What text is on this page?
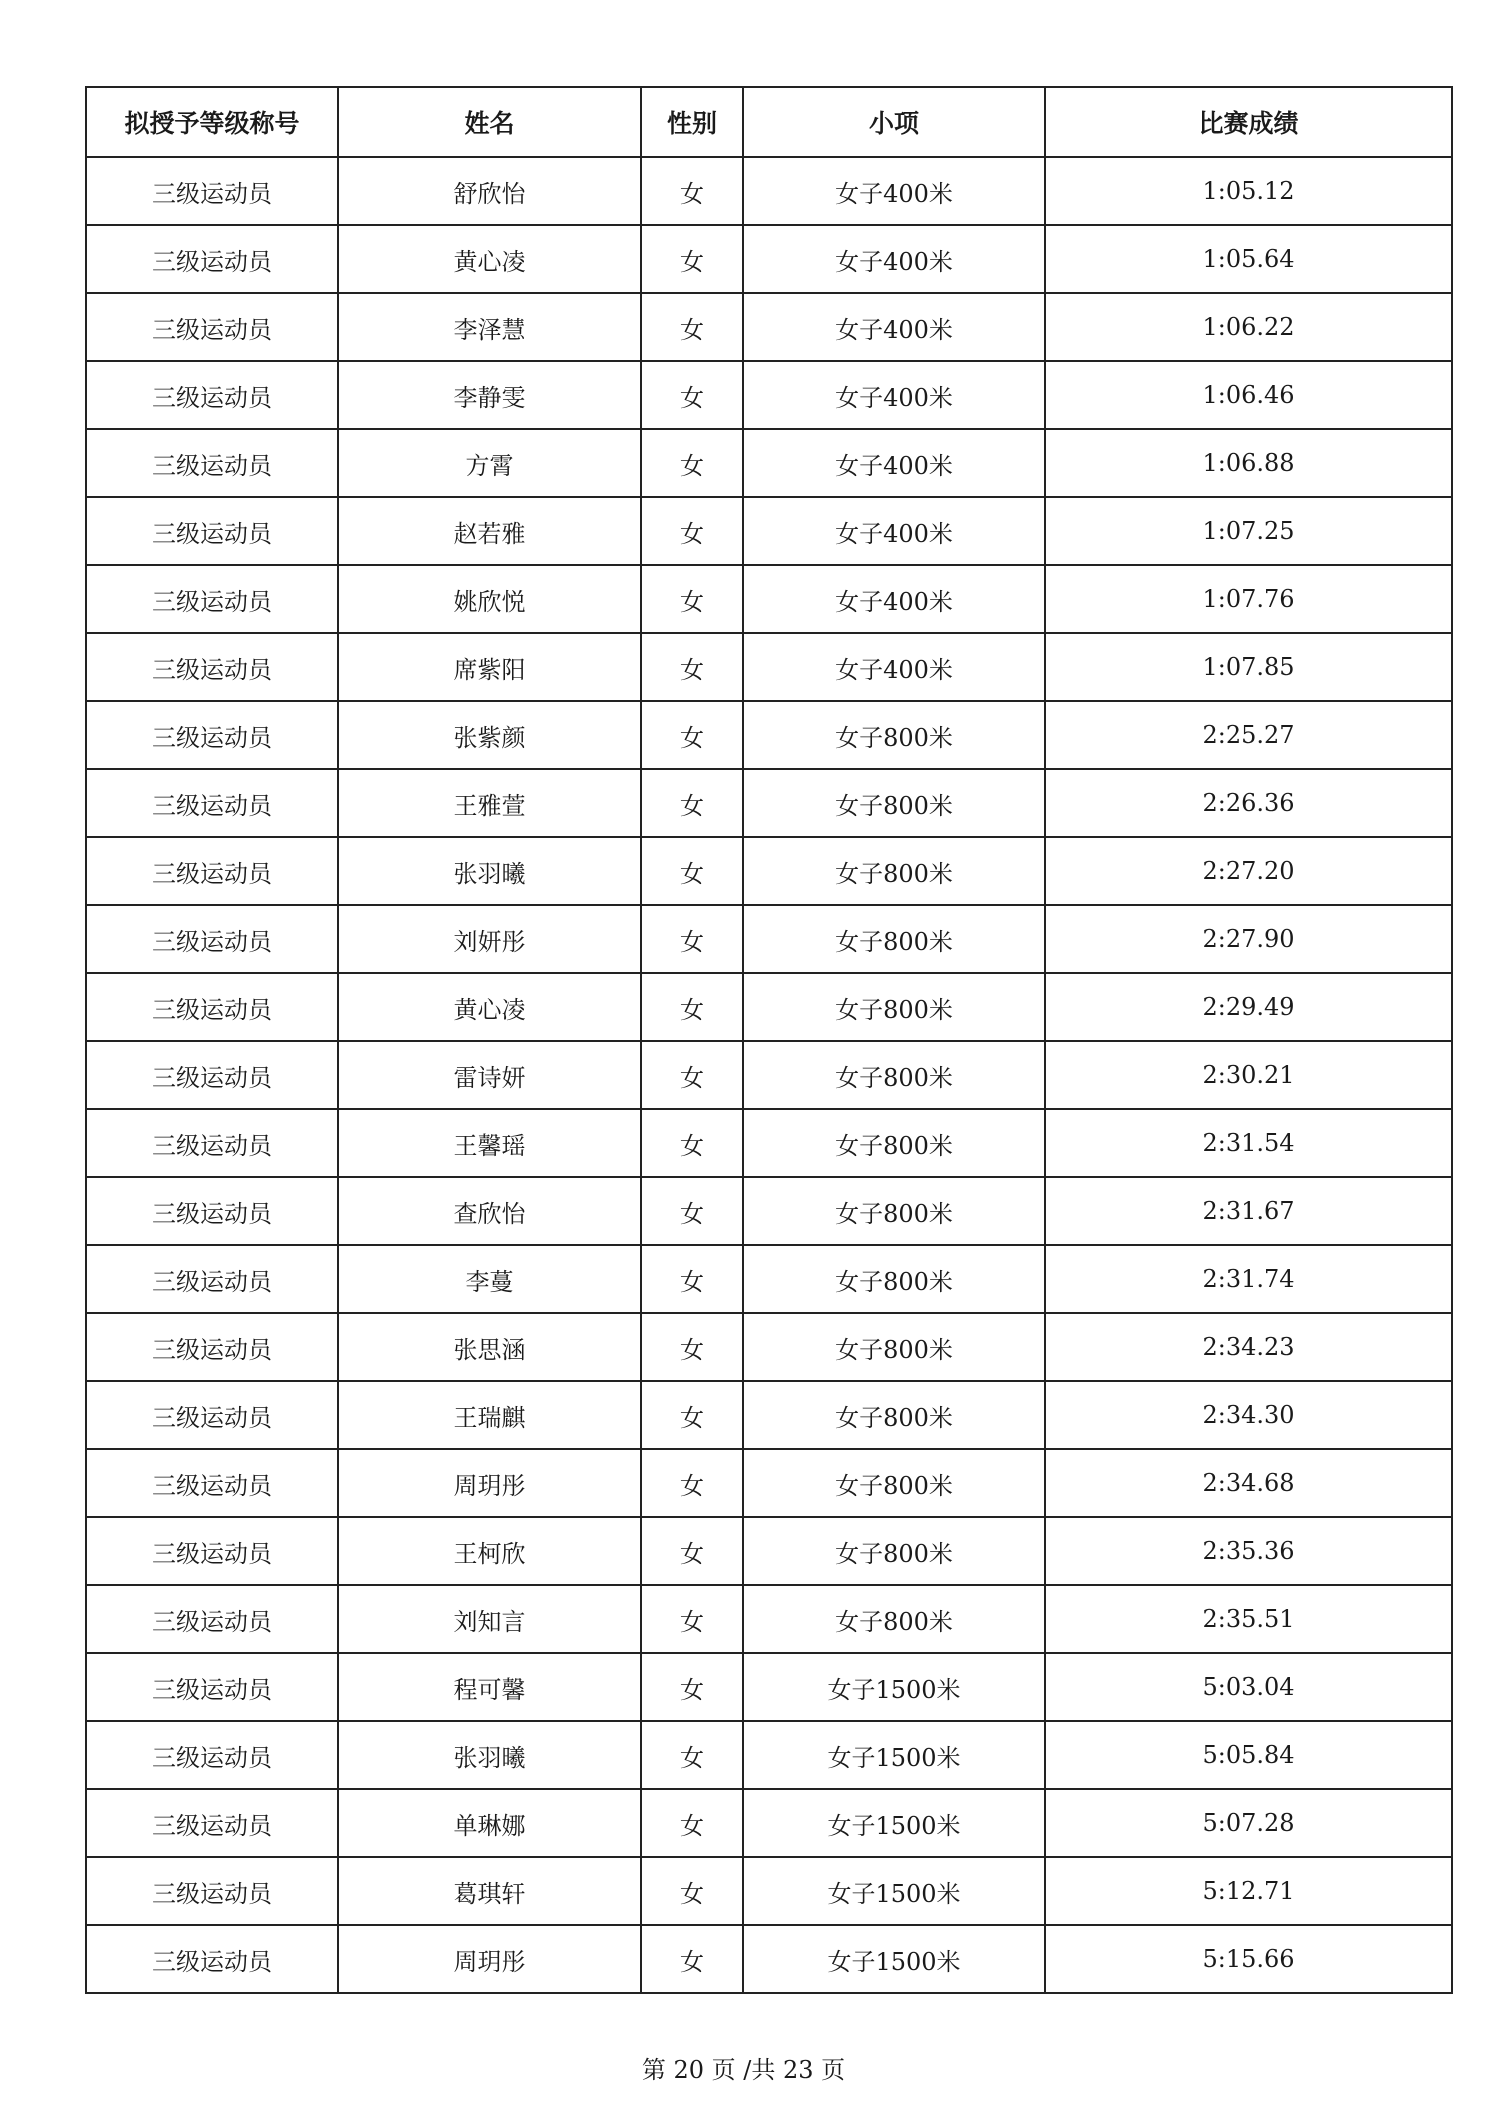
拟授予等级称号	姓名	性别	小项	比赛成绩
三级运动员	舒欣怡	女	女子400米	1:05.12
三级运动员	黄心凌	女	女子400米	1:05.64
三级运动员	李泽慧	女	女子400米	1:06.22
三级运动员	李静雯	女	女子400米	1:06.46
三级运动员	方霄	女	女子400米	1:06.88
三级运动员	赵若雅	女	女子400米	1:07.25
三级运动员	姚欣悦	女	女子400米	1:07.76
三级运动员	席紫阳	女	女子400米	1:07.85
三级运动员	张紫颜	女	女子800米	2:25.27
三级运动员	王雅萱	女	女子800米	2:26.36
三级运动员	张羽曦	女	女子800米	2:27.20
三级运动员	刘妍彤	女	女子800米	2:27.90
三级运动员	黄心凌	女	女子800米	2:29.49
三级运动员	雷诗妍	女	女子800米	2:30.21
三级运动员	王馨瑶	女	女子800米	2:31.54
三级运动员	查欣怡	女	女子800米	2:31.67
三级运动员	李蔓	女	女子800米	2:31.74
三级运动员	张思涵	女	女子800米	2:34.23
三级运动员	王瑞麒	女	女子800米	2:34.30
三级运动员	周玥彤	女	女子800米	2:34.68
三级运动员	王柯欣	女	女子800米	2:35.36
三级运动员	刘知言	女	女子800米	2:35.51
三级运动员	程可馨	女	女子1500米	5:03.04
三级运动员	张羽曦	女	女子1500米	5:05.84
三级运动员	单琳娜	女	女子1500米	5:07.28
三级运动员	葛琪轩	女	女子1500米	5:12.71
三级运动员	周玥彤	女	女子1500米	5:15.66
第 20 页 /共 23 页
